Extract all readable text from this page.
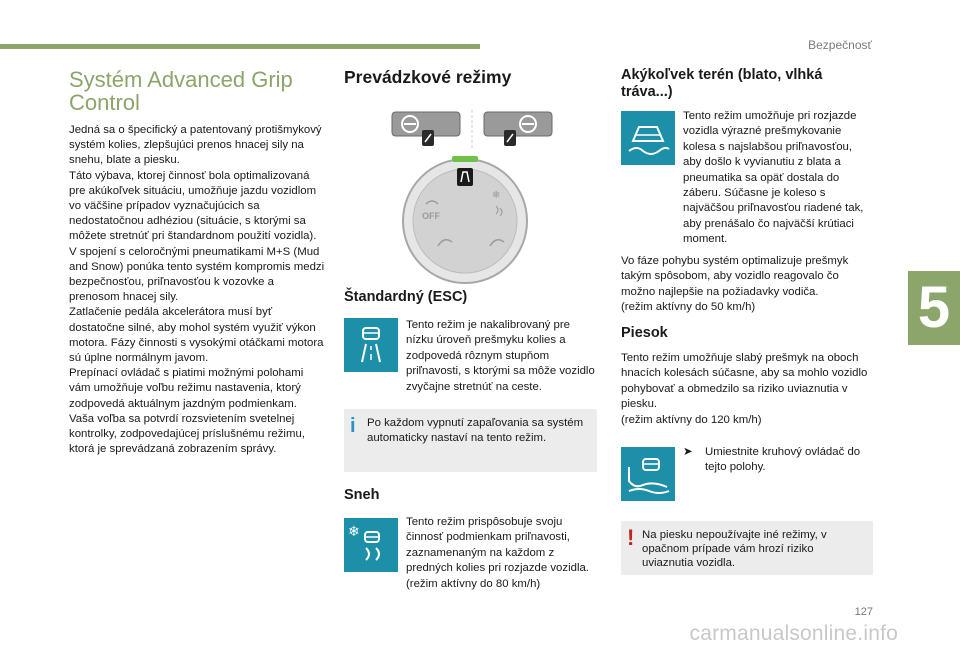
Bezpečnosť
5
127
carmanualsonline.info
Systém Advanced Grip Control

Jedná sa o špecifický a patentovaný protišmykový systém kolies, zlepšujúci prenos hnacej sily na snehu, blate a piesku.

Táto výbava, ktorej činnosť bola optimalizovaná pre akúkoľvek situáciu, umožňuje jazdu vozidlom vo väčšine prípadov vyznačujúcich sa nedostatočnou adhéziou (situácie, s ktorými sa môžete stretnúť pri štandardnom použití vozidla).

V spojení s celoročnými pneumatikami M+S (Mud and Snow) ponúka tento systém kompromis medzi bezpečnosťou, priľnavosťou k vozovke a prenosom hnacej sily.

Zatlačenie pedála akcelerátora musí byť dostatočne silné, aby mohol systém využiť výkon motora. Fázy činnosti s vysokými otáčkami motora sú úplne normálnym javom.

Prepínací ovládač s piatimi možnými polohami vám umožňuje voľbu režimu nastavenia, ktorý zodpovedá aktuálnym jazdným podmienkam.

Vaša voľba sa potvrdí rozsvietením svetelnej kontrolky, zodpovedajúcej príslušnému režimu, ktorá je sprevádzaná zobrazením správy.

Prevádzkové režimy
❄
OFF
Štandardný (ESC)
Tento režim je nakalibrovaný pre nízku úroveň prešmyku kolies a zodpovedá rôznym stupňom priľnavosti, s ktorými sa môže vozidlo zvyčajne stretnúť na ceste.
i Po každom vypnutí zapaľovania sa systém automaticky nastaví na tento režim.
Sneh
❄

Tento režim prispôsobuje svoju činnosť podmienkam priľnavosti, zaznamenaným na každom z predných kolies pri rozjazde vozidla.

(režim aktívny do 80 km/h)

Akýkoľvek terén (blato, vlhká tráva...)
Tento režim umožňuje pri rozjazde vozidla výrazné prešmykovanie kolesa s najslabšou priľnavosťou, aby došlo k vyvianutiu z blata a pneumatika sa opäť dostala do záberu. Súčasne je koleso s najväčšou priľnavosťou riadené tak, aby prenášalo čo najväčší krútiaci moment.

Vo fáze pohybu systém optimalizuje prešmyk takým spôsobom, aby vozidlo reagovalo čo možno najlepšie na požiadavky vodiča.

(režim aktívny do 50 km/h)

Piesok

Tento režim umožňuje slabý prešmyk na oboch hnacích kolesách súčasne, aby sa mohlo vozidlo pohybovať a obmedzilo sa riziko uviaznutia v piesku.

(režim aktívny do 120 km/h)

➤ Umiestnite kruhový ovládač do tejto polohy.
! Na piesku nepoužívajte iné režimy, v opačnom prípade vám hrozí riziko uviaznutia vozidla.
